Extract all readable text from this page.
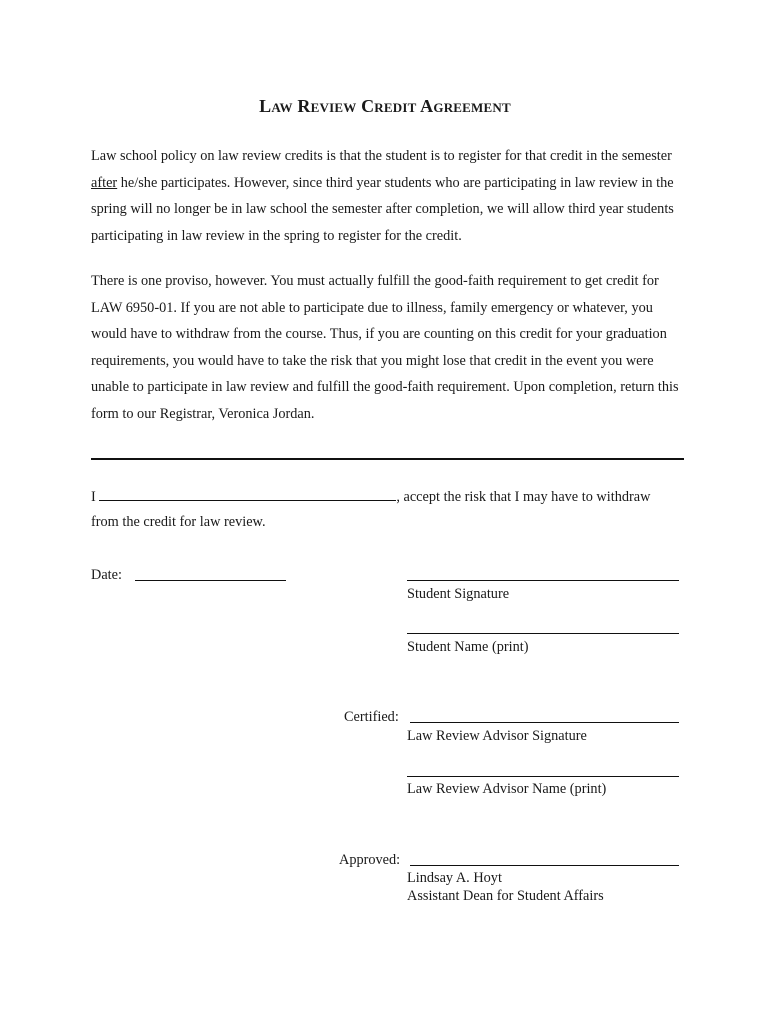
Law Review Credit Agreement

Law school policy on law review credits is that the student is to register for that credit in the semester after he/she participates. However, since third year students who are participating in law review in the spring will no longer be in law school the semester after completion, we will allow third year students participating in law review in the spring to register for the credit.

There is one proviso, however. You must actually fulfill the good-faith requirement to get credit for LAW 6950-01. If you are not able to participate due to illness, family emergency or whatever, you would have to withdraw from the course. Thus, if you are counting on this credit for your graduation requirements, you would have to take the risk that you might lose that credit in the event you were unable to participate in law review and fulfill the good-faith requirement. Upon completion, return this form to our Registrar, Veronica Jordan.

I	, accept the risk that I may have to withdraw
from the credit for law review.
Date:
Student Signature
Student Name (print)
Certified:
Law Review Advisor Signature
Law Review Advisor Name (print)
Approved:
Lindsay A. Hoyt
Assistant Dean for Student Affairs
